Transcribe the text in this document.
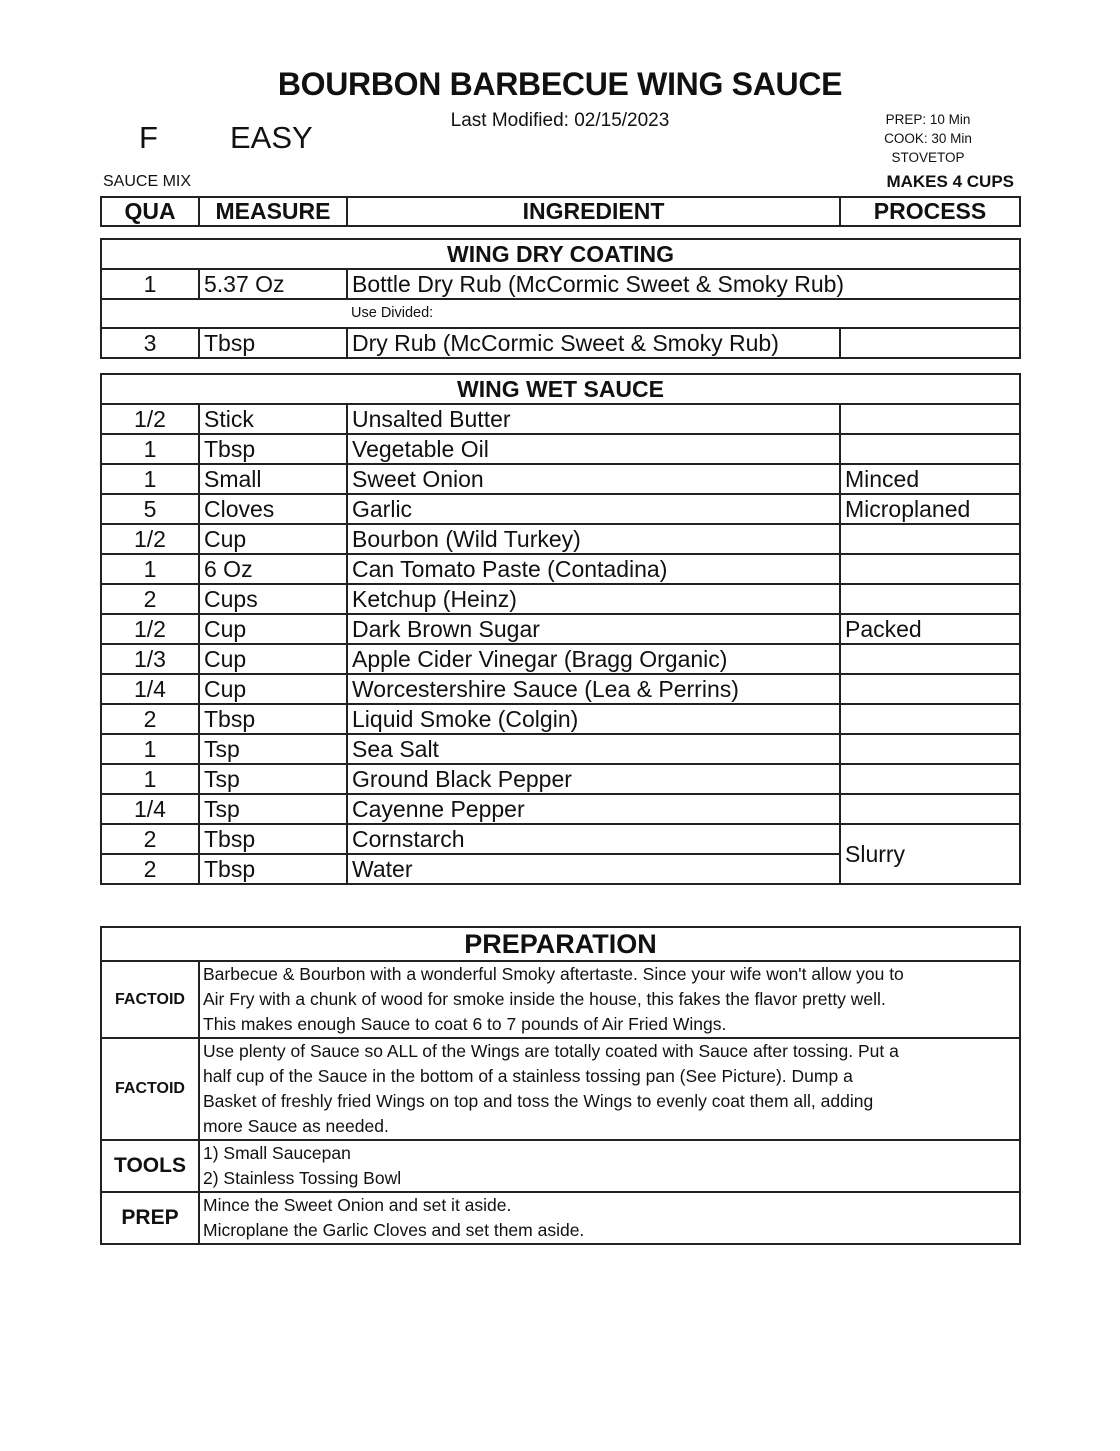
BOURBON BARBECUE WING SAUCE
Last Modified: 02/15/2023
F EASY
PREP: 10 Min
COOK: 30 Min
STOVETOP
SAUCE MIX	MAKES 4 CUPS
QUA	MEASURE	INGREDIENT	PROCESS
WING DRY COATING			
1	5.37 Oz	Bottle Dry Rub (McCormic Sweet & Smoky Rub)	
		Use Divided:	
3	Tbsp	Dry Rub (McCormic Sweet & Smoky Rub)	
WING WET SAUCE			
1/2	Stick	Unsalted Butter	
1	Tbsp	Vegetable Oil	
1	Small	Sweet Onion	Minced
5	Cloves	Garlic	Microplaned
1/2	Cup	Bourbon (Wild Turkey)	
1	6 Oz	Can Tomato Paste (Contadina)	
2	Cups	Ketchup (Heinz)	
1/2	Cup	Dark Brown Sugar	Packed
1/3	Cup	Apple Cider Vinegar (Bragg Organic)	
1/4	Cup	Worcestershire Sauce (Lea & Perrins)	
2	Tbsp	Liquid Smoke (Colgin)	
1	Tsp	Sea Salt	
1	Tsp	Ground Black Pepper	
1/4	Tsp	Cayenne Pepper	
2	Tbsp	Cornstarch	Slurry
2	Tbsp	Water	
PREPARATION	
FACTOID	Barbecue & Bourbon with a wonderful Smoky aftertaste. Since your wife won't allow you to
Air Fry with a chunk of wood for smoke inside the house, this fakes the flavor pretty well.
This makes enough Sauce to coat 6 to 7 pounds of Air Fried Wings.

FACTOID	Use plenty of Sauce so ALL of the Wings are totally coated with Sauce after tossing. Put a
half cup of the Sauce in the bottom of a stainless tossing pan (See Picture). Dump a
Basket of freshly fried Wings on top and toss the Wings to evenly coat them all, adding
more Sauce as needed.

TOOLS	1) Small Saucepan
2) Stainless Tossing Bowl

PREP	Mince the Sweet Onion and set it aside.
Microplane the Garlic Cloves and set them aside.
